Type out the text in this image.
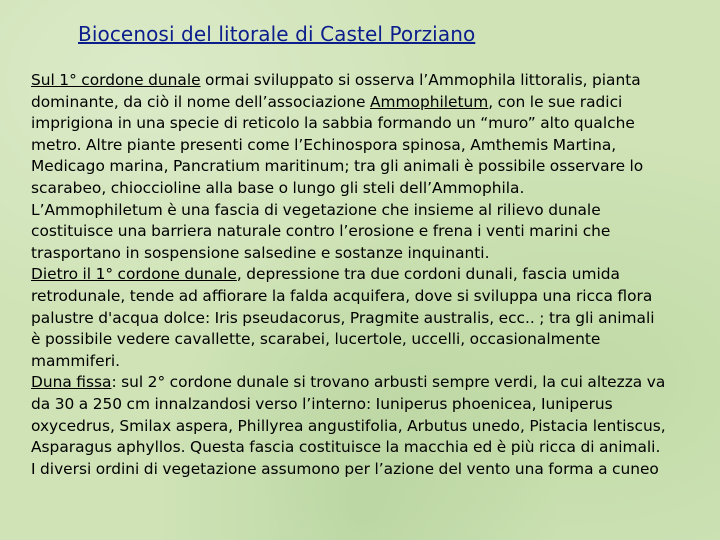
Biocenosi del litorale di Castel Porziano
Sul 1° cordone dunale ormai sviluppato si osserva l’Ammophila littoralis, pianta
dominante, da ciò il nome dell’associazione Ammophiletum, con le sue radici
imprigiona in una specie di reticolo la sabbia formando un “muro” alto qualche
metro. Altre piante presenti come l’Echinospora spinosa, Amthemis Martina,
Medicago marina, Pancratium maritinum; tra gli animali è possibile osservare lo
scarabeo, chioccioline alla base o lungo gli steli dell’Ammophila.
L’Ammophiletum è una fascia di vegetazione che insieme al rilievo dunale
costituisce una barriera naturale contro l’erosione e frena i venti marini che
trasportano in sospensione salsedine e sostanze inquinanti.
Dietro il 1° cordone dunale, depressione tra due cordoni dunali, fascia umida
retrodunale, tende ad affiorare la falda acquifera, dove si sviluppa una ricca flora
palustre d'acqua dolce: Iris pseudacorus, Pragmite australis, ecc.. ; tra gli animali
è possibile vedere cavallette, scarabei, lucertole, uccelli, occasionalmente
mammiferi.
Duna fissa: sul 2° cordone dunale si trovano arbusti sempre verdi, la cui altezza va
da 30 a 250 cm innalzandosi verso l’interno: Iuniperus phoenicea, Iuniperus
oxycedrus, Smilax aspera, Phillyrea angustifolia, Arbutus unedo, Pistacia lentiscus,
Asparagus aphyllos. Questa fascia costituisce la macchia ed è più ricca di animali.
I diversi ordini di vegetazione assumono per l’azione del vento una forma a cuneo
